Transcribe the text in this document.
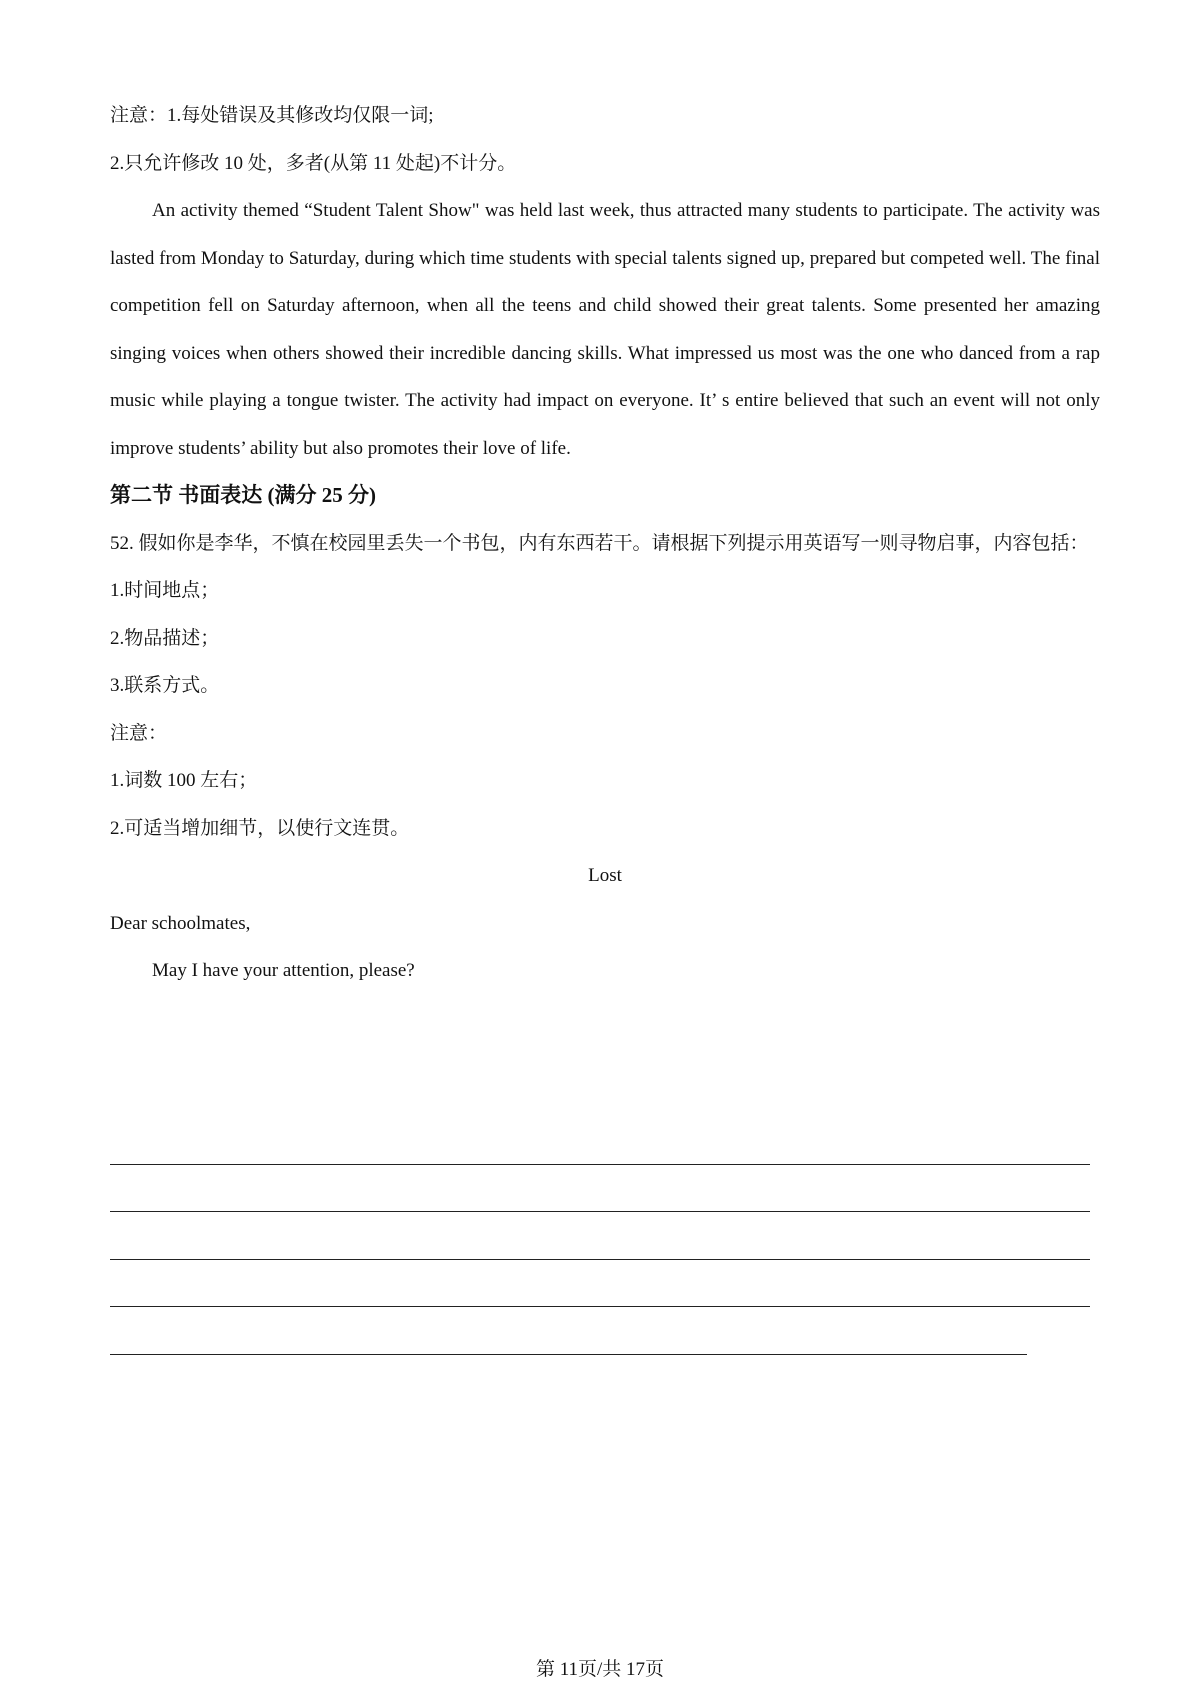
注意：1.每处错误及其修改均仅限一词;
2.只允许修改 10 处，多者(从第 11 处起)不计分。
An activity themed “Student Talent Show" was held last week, thus attracted many students to participate. The activity was lasted from Monday to Saturday, during which time students with special talents signed up, prepared but competed well. The final competition fell on Saturday afternoon, when all the teens and child showed their great talents. Some presented her amazing singing voices when others showed their incredible dancing skills. What impressed us most was the one who danced from a rap music while playing a tongue twister. The activity had impact on everyone. It’ s entire believed that such an event will not only improve students’ ability but also promotes their love of life.
第二节 书面表达 (满分 25 分)
52. 假如你是李华，不慎在校园里丢失一个书包，内有东西若干。请根据下列提示用英语写一则寻物启事，内容包括：
1.时间地点；
2.物品描述；
3.联系方式。
注意：
1.词数 100 左右；
2.可适当增加细节，以使行文连贯。
Lost
Dear schoolmates,
May I have your attention, please?
第 11页/共 17页
